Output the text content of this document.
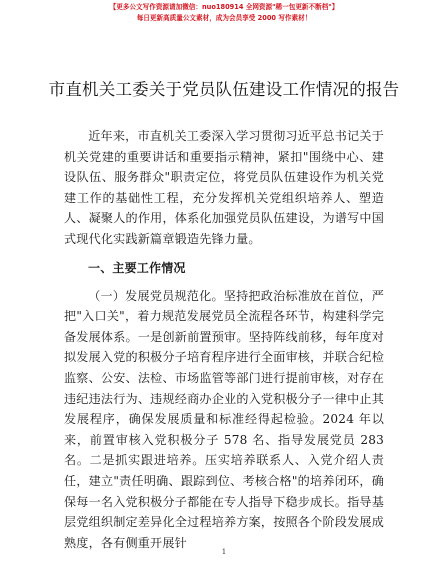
【更多公文写作资源请加微信：nuo180914 全网资源"稀一包更新不断档"】
每日更新高质量公文素材，成为会员享受 2000 写作素材！
市直机关工委关于党员队伍建设工作情况的报告

近年来，市直机关工委深入学习贯彻习近平总书记关于机关党建的重要讲话和重要指示精神，紧扣"围绕中心、建设队伍、服务群众"职责定位，将党员队伍建设作为机关党建工作的基础性工程，充分发挥机关党组织培养人、塑造人、凝聚人的作用，体系化加强党员队伍建设，为谱写中国式现代化实践新篇章锻造先锋力量。

一、主要工作情况

（一）发展党员规范化。坚持把政治标准放在首位，严把"入口关"，着力规范发展党员全流程各环节，构建科学完备发展体系。一是创新前置预审。坚持阵线前移，每年度对拟发展入党的积极分子培育程序进行全面审核，并联合纪检监察、公安、法检、市场监管等部门进行提前审核，对存在违纪违法行为、违规经商办企业的入党积极分子一律中止其发展程序，确保发展质量和标准经得起检验。2024 年以来，前置审核入党积极分子 578 名、指导发展党员 283 名。二是抓实跟进培养。压实培养联系人、入党介绍人责任，建立"责任明确、跟踪到位、考核合格"的培养闭环，确保每一名入党积极分子都能在专人指导下稳步成长。指导基层党组织制定差异化全过程培养方案，按照各个阶段发展成熟度，各有侧重开展针

1
